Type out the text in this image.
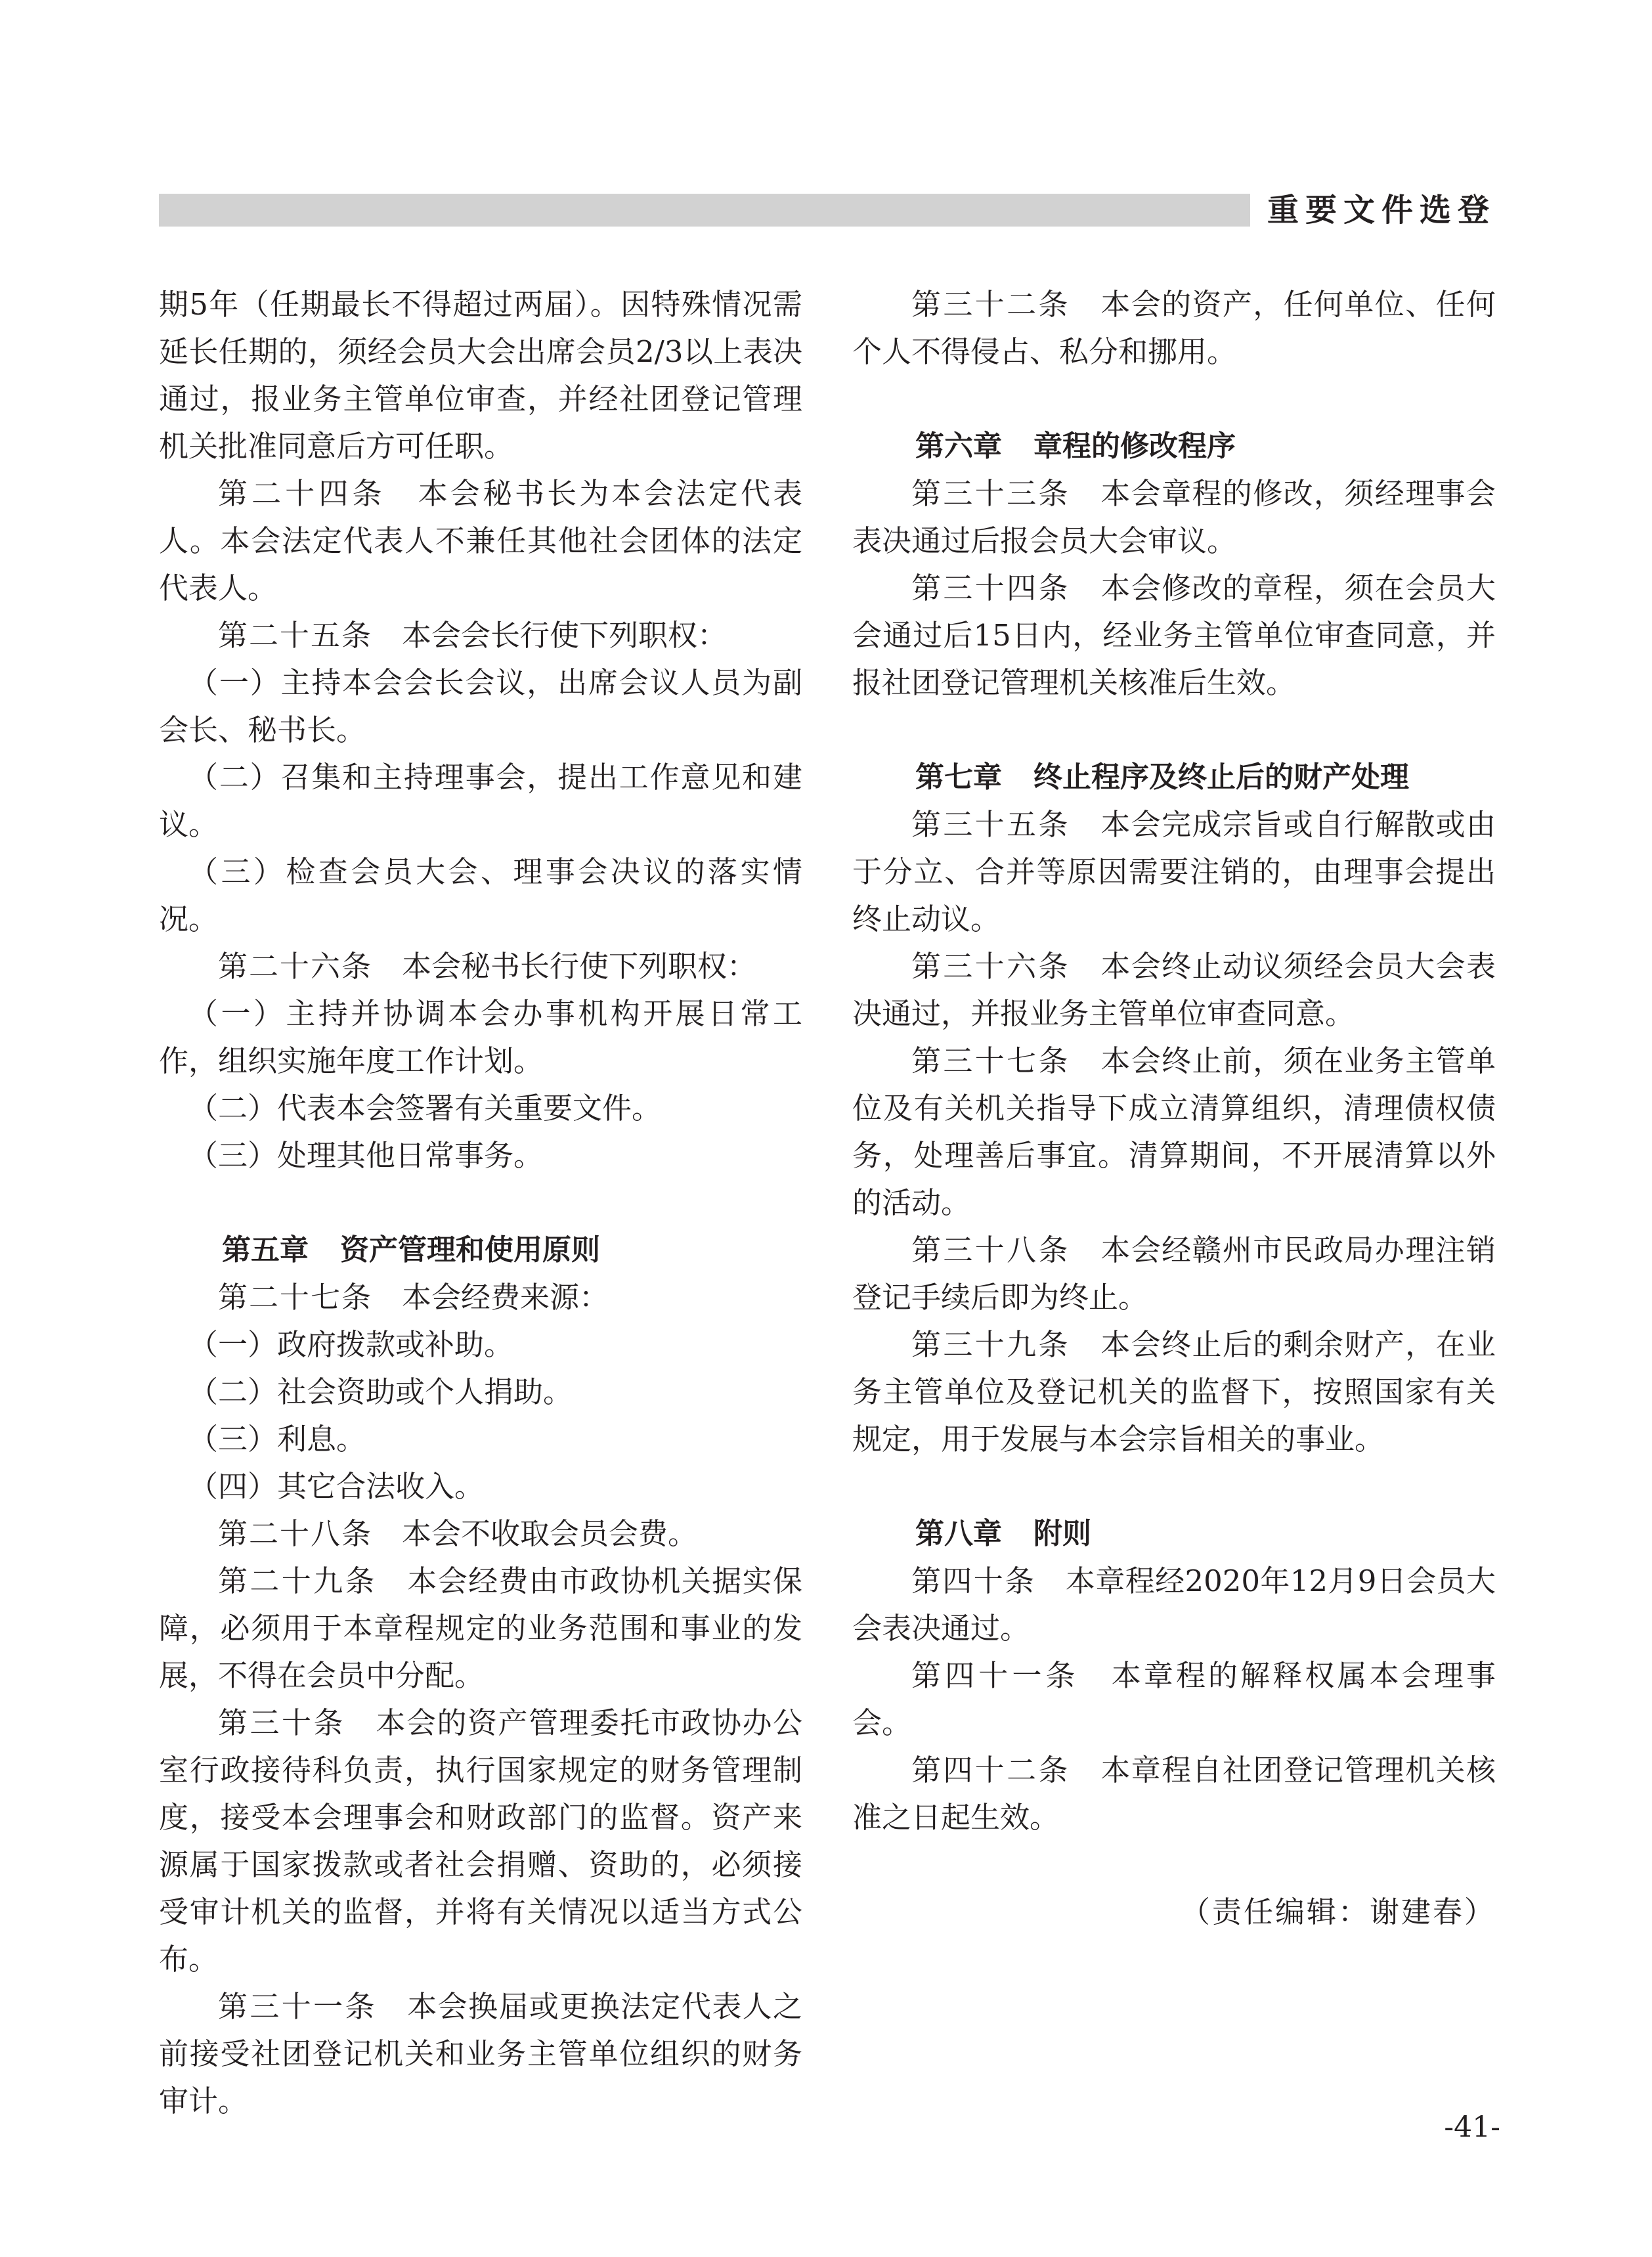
重要文件选登

期5年（任期最长不得超过两届）。因特殊情况需延长任期的，须经会员大会出席会员2/3以上表决通过，报业务主管单位审查，并经社团登记管理机关批准同意后方可任职。

第二十四条  本会秘书长为本会法定代表人。本会法定代表人不兼任其他社会团体的法定代表人。

第二十五条  本会会长行使下列职权：

（一）主持本会会长会议，出席会议人员为副会长、秘书长。

（二）召集和主持理事会，提出工作意见和建议。

（三）检查会员大会、理事会决议的落实情况。

第二十六条  本会秘书长行使下列职权：

（一）主持并协调本会办事机构开展日常工作，组织实施年度工作计划。

（二）代表本会签署有关重要文件。

（三）处理其他日常事务。

第五章 资产管理和使用原则

第二十七条  本会经费来源：

（一）政府拨款或补助。

（二）社会资助或个人捐助。

（三）利息。

（四）其它合法收入。

第二十八条  本会不收取会员会费。

第二十九条  本会经费由市政协机关据实保障，必须用于本章程规定的业务范围和事业的发展，不得在会员中分配。

第三十条  本会的资产管理委托市政协办公室行政接待科负责，执行国家规定的财务管理制度，接受本会理事会和财政部门的监督。资产来源属于国家拨款或者社会捐赠、资助的，必须接受审计机关的监督，并将有关情况以适当方式公布。

第三十一条  本会换届或更换法定代表人之前接受社团登记机关和业务主管单位组织的财务审计。

第三十二条  本会的资产，任何单位、任何个人不得侵占、私分和挪用。

第六章 章程的修改程序

第三十三条  本会章程的修改，须经理事会表决通过后报会员大会审议。

第三十四条  本会修改的章程，须在会员大会通过后15日内，经业务主管单位审查同意，并报社团登记管理机关核准后生效。

第七章 终止程序及终止后的财产处理

第三十五条  本会完成宗旨或自行解散或由于分立、合并等原因需要注销的，由理事会提出终止动议。

第三十六条  本会终止动议须经会员大会表决通过，并报业务主管单位审查同意。

第三十七条  本会终止前，须在业务主管单位及有关机关指导下成立清算组织，清理债权债务，处理善后事宜。清算期间，不开展清算以外的活动。

第三十八条  本会经赣州市民政局办理注销登记手续后即为终止。

第三十九条  本会终止后的剩余财产，在业务主管单位及登记机关的监督下，按照国家有关规定，用于发展与本会宗旨相关的事业。

第八章 附则

第四十条  本章程经2020年12月9日会员大会表决通过。

第四十一条  本章程的解释权属本会理事会。

第四十二条  本章程自社团登记管理机关核准之日起生效。

（责任编辑：谢建春）

-41-
